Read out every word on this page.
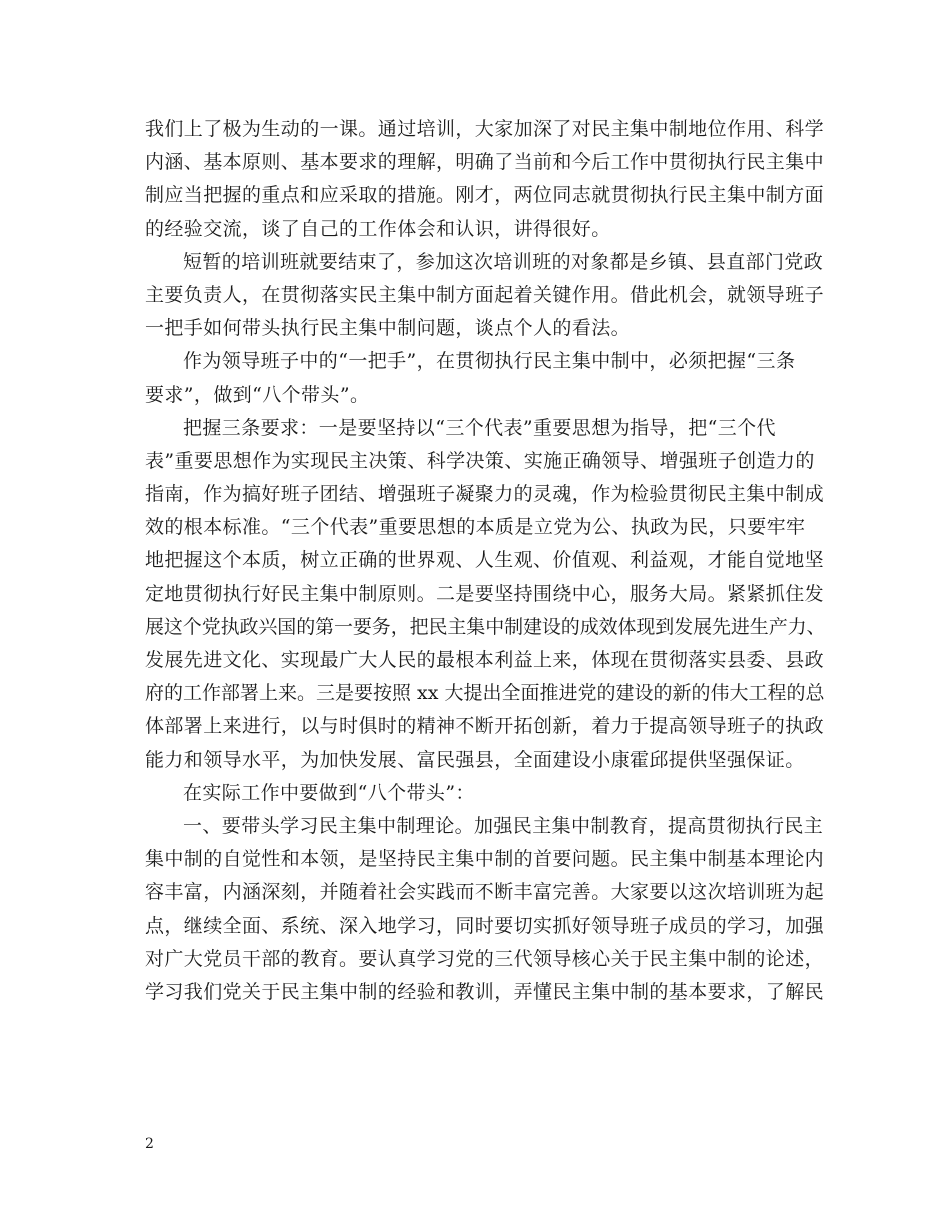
我们上了极为生动的一课。通过培训，大家加深了对民主集中制地位作用、科学
内涵、基本原则、基本要求的理解，明确了当前和今后工作中贯彻执行民主集中
制应当把握的重点和应采取的措施。刚才，两位同志就贯彻执行民主集中制方面
的经验交流，谈了自己的工作体会和认识，讲得很好。
短暂的培训班就要结束了，参加这次培训班的对象都是乡镇、县直部门党政
主要负责人，在贯彻落实民主集中制方面起着关键作用。借此机会，就领导班子
一把手如何带头执行民主集中制问题，谈点个人的看法。
作为领导班子中的“一把手”，在贯彻执行民主集中制中，必须把握“三条
要求”，做到“八个带头”。
把握三条要求：一是要坚持以“三个代表”重要思想为指导，把“三个代
表”重要思想作为实现民主决策、科学决策、实施正确领导、增强班子创造力的
指南，作为搞好班子团结、增强班子凝聚力的灵魂，作为检验贯彻民主集中制成
效的根本标准。“三个代表”重要思想的本质是立党为公、执政为民，只要牢牢
地把握这个本质，树立正确的世界观、人生观、价值观、利益观，才能自觉地坚
定地贯彻执行好民主集中制原则。二是要坚持围绕中心，服务大局。紧紧抓住发
展这个党执政兴国的第一要务，把民主集中制建设的成效体现到发展先进生产力、
发展先进文化、实现最广大人民的最根本利益上来，体现在贯彻落实县委、县政
府的工作部署上来。三是要按照 xx 大提出全面推进党的建设的新的伟大工程的总
体部署上来进行，以与时俱时的精神不断开拓创新，着力于提高领导班子的执政
能力和领导水平，为加快发展、富民强县，全面建设小康霍邱提供坚强保证。
在实际工作中要做到“八个带头”：
一、要带头学习民主集中制理论。加强民主集中制教育，提高贯彻执行民主
集中制的自觉性和本领，是坚持民主集中制的首要问题。民主集中制基本理论内
容丰富，内涵深刻，并随着社会实践而不断丰富完善。大家要以这次培训班为起
点，继续全面、系统、深入地学习，同时要切实抓好领导班子成员的学习，加强
对广大党员干部的教育。要认真学习党的三代领导核心关于民主集中制的论述，
学习我们党关于民主集中制的经验和教训，弄懂民主集中制的基本要求，了解民
2
